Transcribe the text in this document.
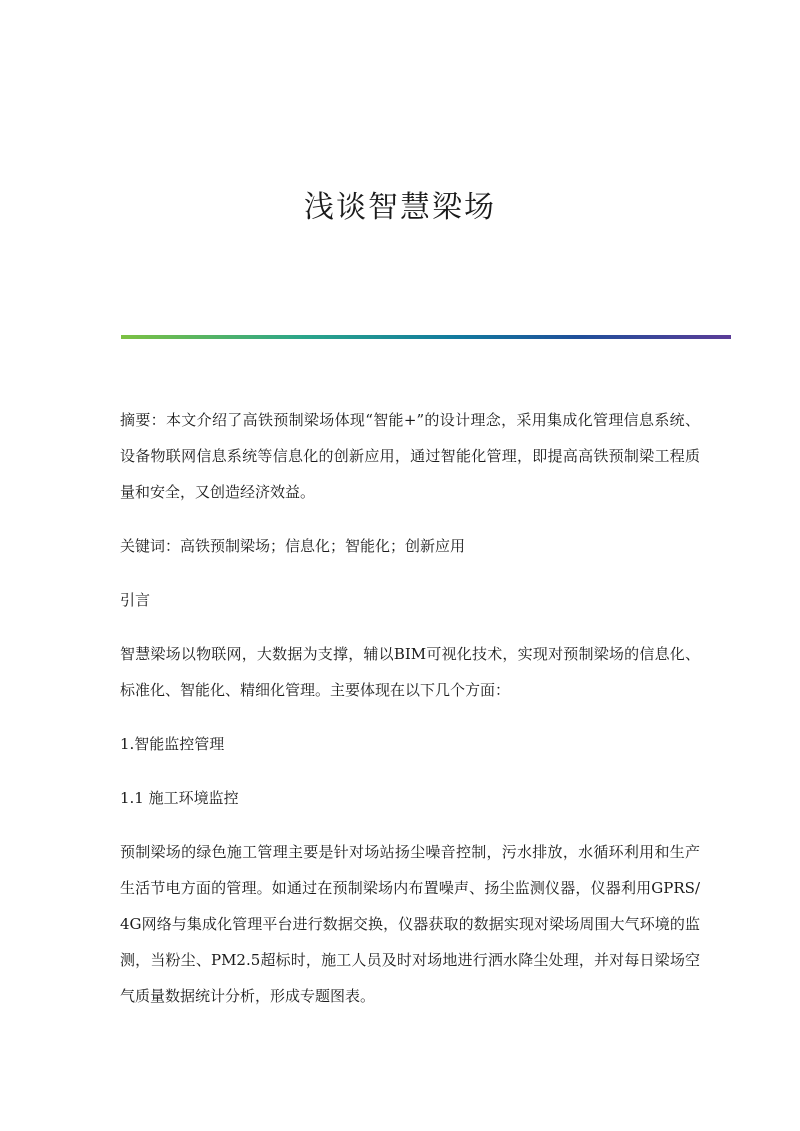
浅谈智慧梁场

摘要：本文介绍了高铁预制梁场体现“智能+”的设计理念，采用集成化管理信息系统、设备物联网信息系统等信息化的创新应用，通过智能化管理，即提高高铁预制梁工程质量和安全，又创造经济效益。

关键词：高铁预制梁场；信息化；智能化；创新应用

引言

智慧梁场以物联网，大数据为支撑，辅以BIM可视化技术，实现对预制梁场的信息化、标准化、智能化、精细化管理。主要体现在以下几个方面：

1.智能监控管理

1.1 施工环境监控

预制梁场的绿色施工管理主要是针对场站扬尘噪音控制，污水排放，水循环利用和生产生活节电方面的管理。如通过在预制梁场内布置噪声、扬尘监测仪器，仪器利用GPRS/4G网络与集成化管理平台进行数据交换，仪器获取的数据实现对梁场周围大气环境的监测，当粉尘、PM2.5超标时，施工人员及时对场地进行洒水降尘处理，并对每日梁场空气质量数据统计分析，形成专题图表。
